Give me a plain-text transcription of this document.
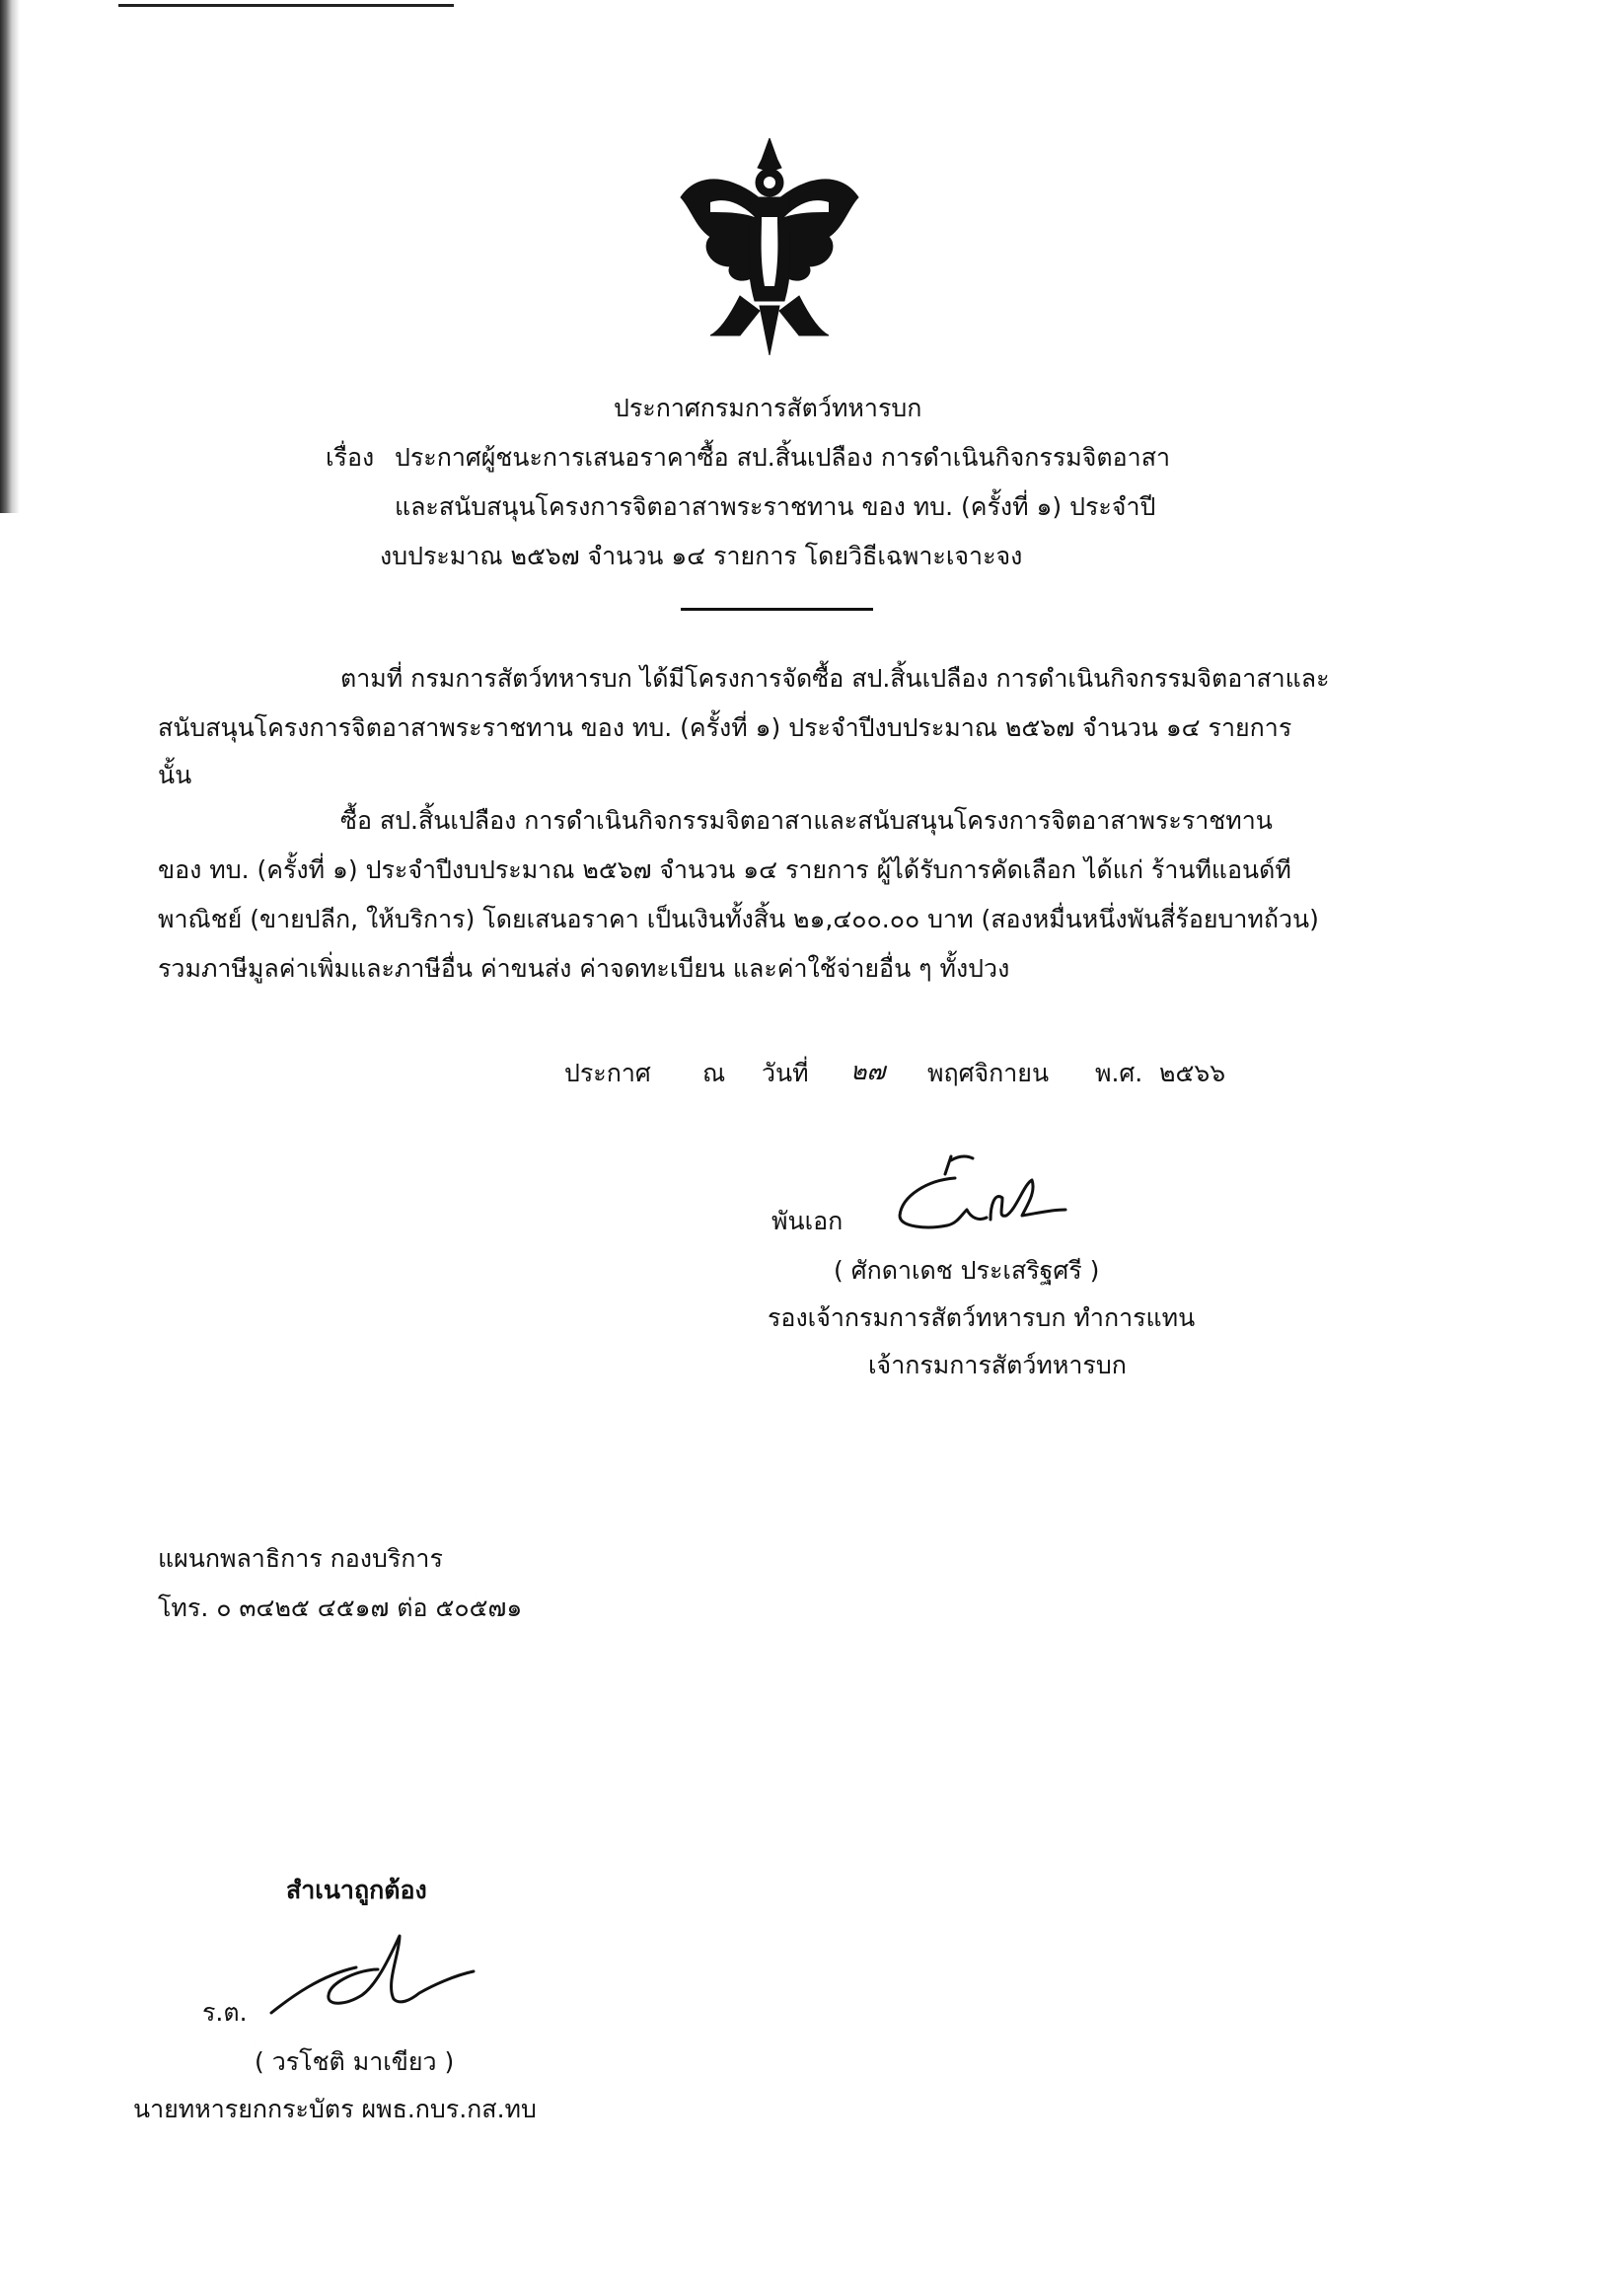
ประกาศกรมการสัตว์ทหารบก
เรื่อง ประกาศผู้ชนะการเสนอราคาซื้อ สป.สิ้นเปลือง การดำเนินกิจกรรมจิตอาสา
และสนับสนุนโครงการจิตอาสาพระราชทาน ของ ทบ. (ครั้งที่ ๑) ประจำปี
งบประมาณ ๒๕๖๗ จำนวน ๑๔ รายการ โดยวิธีเฉพาะเจาะจง
ตามที่ กรมการสัตว์ทหารบก ได้มีโครงการจัดซื้อ สป.สิ้นเปลือง การดำเนินกิจกรรมจิตอาสาและ
สนับสนุนโครงการจิตอาสาพระราชทาน ของ ทบ. (ครั้งที่ ๑) ประจำปีงบประมาณ ๒๕๖๗ จำนวน ๑๔ รายการ
นั้น
ซื้อ สป.สิ้นเปลือง การดำเนินกิจกรรมจิตอาสาและสนับสนุนโครงการจิตอาสาพระราชทาน
ของ ทบ. (ครั้งที่ ๑) ประจำปีงบประมาณ ๒๕๖๗ จำนวน ๑๔ รายการ ผู้ได้รับการคัดเลือก ได้แก่ ร้านทีแอนด์ที
พาณิชย์ (ขายปลีก, ให้บริการ) โดยเสนอราคา เป็นเงินทั้งสิ้น ๒๑,๔๐๐.๐๐ บาท (สองหมื่นหนึ่งพันสี่ร้อยบาทถ้วน)
รวมภาษีมูลค่าเพิ่มและภาษีอื่น ค่าขนส่ง ค่าจดทะเบียน และค่าใช้จ่ายอื่น ๆ ทั้งปวง
ประกาศ ณ วันที่ ๒๗ พฤศจิกายน พ.ศ. ๒๕๖๖
พันเอก
( ศักดาเดช ประเสริฐศรี )
รองเจ้ากรมการสัตว์ทหารบก ทำการแทน
เจ้ากรมการสัตว์ทหารบก
แผนกพลาธิการ กองบริการ
โทร. ๐ ๓๔๒๕ ๔๕๑๗ ต่อ ๕๐๕๗๑
สำเนาถูกต้อง
ร.ต.
( วรโชติ มาเขียว )
นายทหารยกกระบัตร ผพธ.กบร.กส.ทบ
